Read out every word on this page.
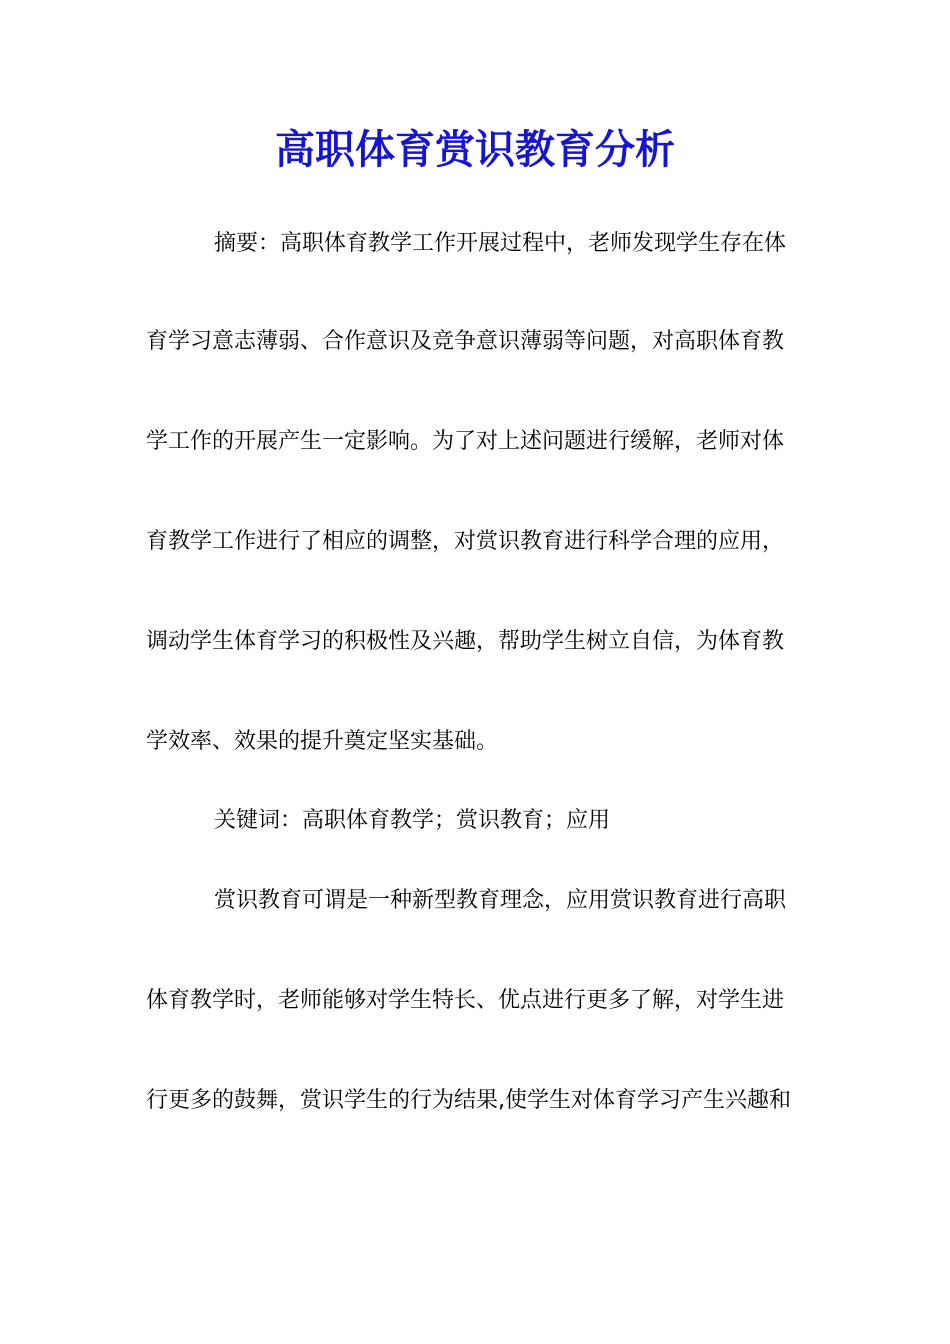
高职体育赏识教育分析
摘要：高职体育教学工作开展过程中，老师发现学生存在体
育学习意志薄弱、合作意识及竞争意识薄弱等问题，对高职体育教
学工作的开展产生一定影响。为了对上述问题进行缓解，老师对体
育教学工作进行了相应的调整，对赏识教育进行科学合理的应用，
调动学生体育学习的积极性及兴趣，帮助学生树立自信，为体育教
学效率、效果的提升奠定坚实基础。
关键词：高职体育教学；赏识教育；应用
赏识教育可谓是一种新型教育理念，应用赏识教育进行高职
体育教学时，老师能够对学生特长、优点进行更多了解，对学生进
行更多的鼓舞，赏识学生的行为结果,使学生对体育学习产生兴趣和
